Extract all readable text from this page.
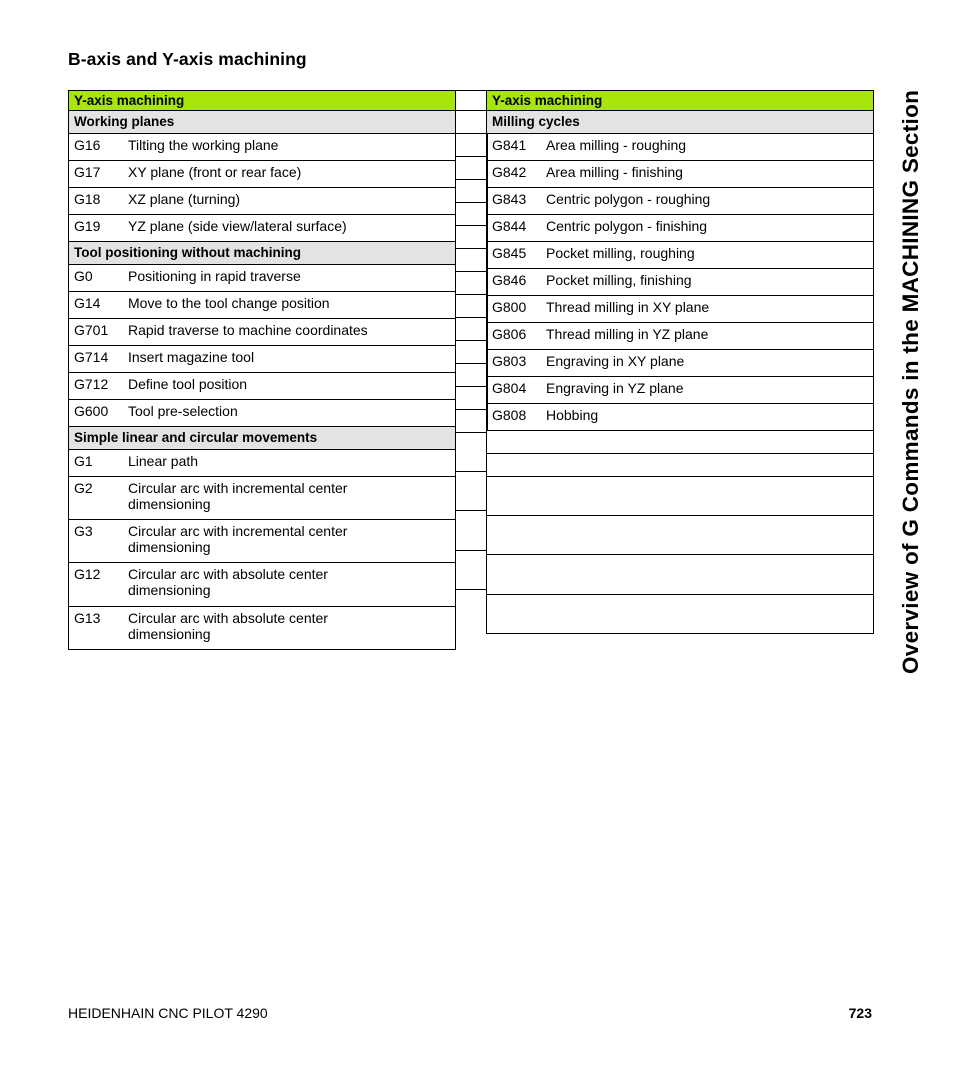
B-axis and Y-axis machining
Overview of G Commands in the MACHINING Section
Y-axis machining
Working planes
G16 Tilting the working plane
G17 XY plane (front or rear face)
G18 XZ plane (turning)
G19 YZ plane (side view/lateral surface)
Tool positioning without machining
G0	Positioning in rapid traverse
G14 Move to the tool change position
G701 Rapid traverse to machine coordinates
G714 Insert magazine tool
G712 Define tool position
G600 Tool pre-selection
Simple linear and circular movements
G1	Linear path
G2	Circular arc with incremental center dimensioning
G3	Circular arc with incremental center dimensioning
G12 Circular arc with absolute center dimensioning
G13 Circular arc with absolute center dimensioning

Y-axis machining
Milling cycles
G841 Area milling - roughing
G842 Area milling - finishing
G843 Centric polygon - roughing
G844 Centric polygon - finishing
G845 Pocket milling, roughing
G846 Pocket milling, finishing
G800 Thread milling in XY plane
G806 Thread milling in YZ plane
G803 Engraving in XY plane
G804 Engraving in YZ plane
G808 Hobbing

HEIDENHAIN CNC PILOT 4290	723
